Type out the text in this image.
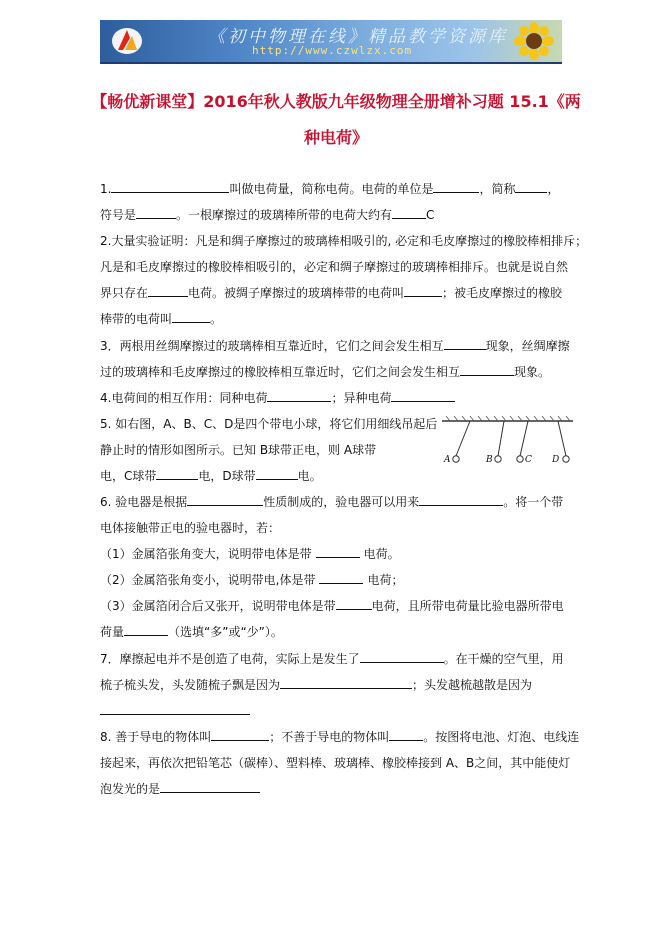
《初中物理在线》精品教学资源库
http://www.czwlzx.com
【畅优新课堂】2016年秋人教版九年级物理全册增补习题 15.1《两
种电荷》
1.	叫做电荷量，简称电荷。电荷的单位是	，简称	，
符号是	。一根摩擦过的玻璃棒所带的电荷大约有	C
2.大量实验证明：凡是和绸子摩擦过的玻璃棒相吸引的, 必定和毛皮摩擦过的橡胶棒相排斥；
凡是和毛皮摩擦过的橡胶棒相吸引的，必定和绸子摩擦过的玻璃棒相排斥。也就是说自然
界只存在	电荷。被绸子摩擦过的玻璃棒带的电荷叫	；被毛皮摩擦过的橡胶
棒带的电荷叫	。
3．两根用丝绸摩擦过的玻璃棒相互靠近时，它们之间会发生相互	现象，丝绸摩擦
过的玻璃棒和毛皮摩擦过的橡胶棒相互靠近时，它们之间会发生相互	现象。
4.电荷间的相互作用：同种电荷	；异种电荷
5. 如右图，A、B、C、D是四个带电小球，将它们用细线吊起后
静止时的情形如图所示。已知 B球带正电，则 A球带
电，C球带	电，D球带	电。
A	B	C D
6. 验电器是根据	性质制成的，验电器可以用来	。将一个带
电体接触带正电的验电器时，若：
（1）金属箔张角变大，说明带电体是带	电荷。
（2）金属箔张角变小，说明带电,体是带	电荷；
（3）金属箔闭合后又张开，说明带电体是带	电荷，且所带电荷量比验电器所带电
荷量	（选填“多”或“少”）。
7．摩擦起电并不是创造了电荷，实际上是发生了	。在干燥的空气里，用
梳子梳头发，头发随梳子飘是因为	；头发越梳越散是因为
8. 善于导电的物体叫	；不善于导电的物体叫	。按图将电池、灯泡、电线连
接起来，再依次把铅笔芯（碳棒）、塑料棒、玻璃棒、橡胶棒接到 A、B之间，其中能使灯
泡发光的是
